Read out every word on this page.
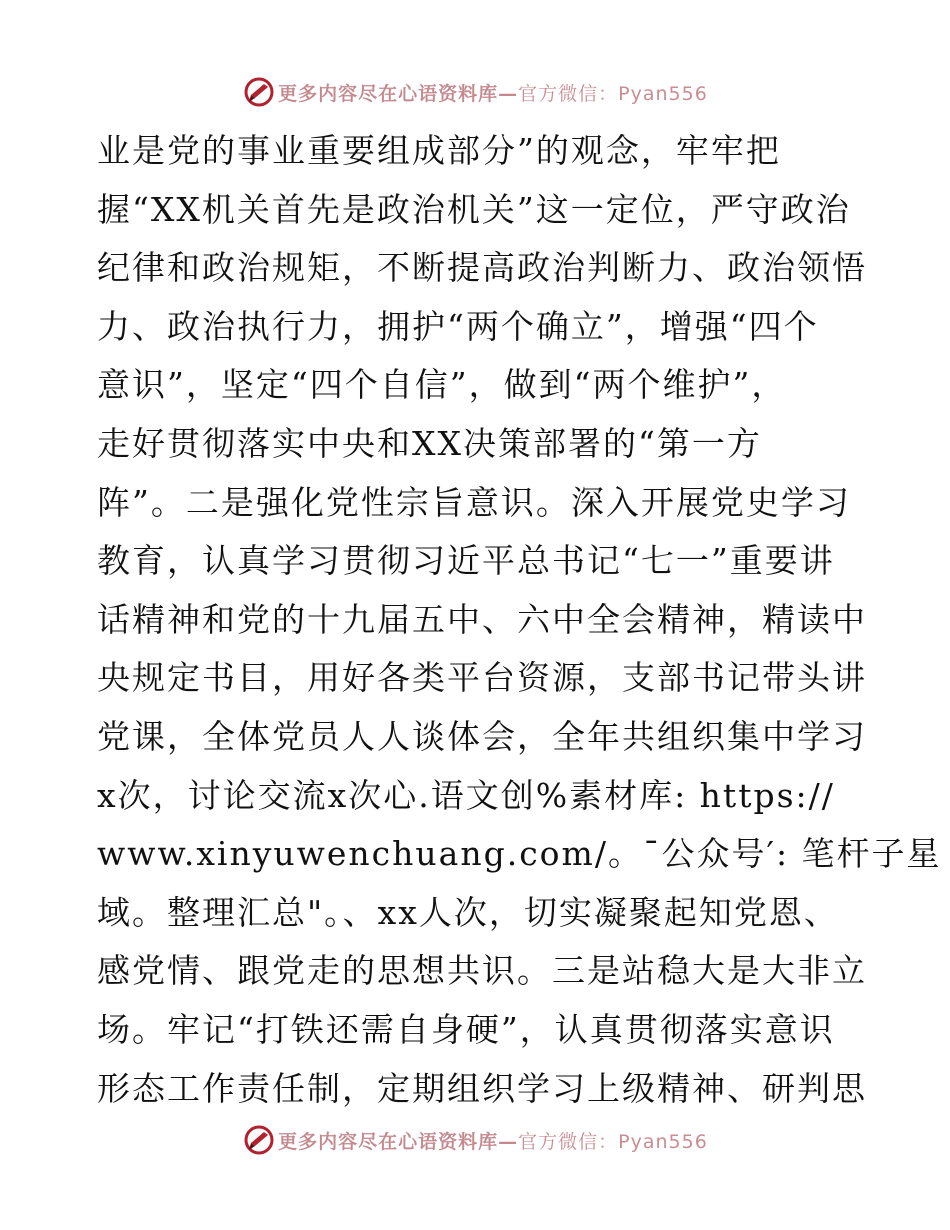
更多内容尽在心语资料库—官方微信：Pyan556
业是党的事业重要组成部分”的观念，牢牢把
握“XX机关首先是政治机关”这一定位，严守政治
纪律和政治规矩，不断提高政治判断力、政治领悟
力、政治执行力，拥护“两个确立”，增强“四个
意识”，坚定“四个自信”，做到“两个维护”，
走好贯彻落实中央和XX决策部署的“第一方
阵”。二是强化党性宗旨意识。深入开展党史学习
教育，认真学习贯彻习近平总书记“七一”重要讲
话精神和党的十九届五中、六中全会精神，精读中
央规定书目，用好各类平台资源，支部书记带头讲
党课，全体党员人人谈体会，全年共组织集中学习
x次，讨论交流x次心.语文创%素材库: https://
www.xinyuwenchuang.com/。¯公众号′: 笔杆子星
域。整理汇总"。、xx人次，切实凝聚起知党恩、
感党情、跟党走的思想共识。三是站稳大是大非立
场。牢记“打铁还需自身硬”，认真贯彻落实意识
形态工作责任制，定期组织学习上级精神、研判思
更多内容尽在心语资料库—官方微信：Pyan556
